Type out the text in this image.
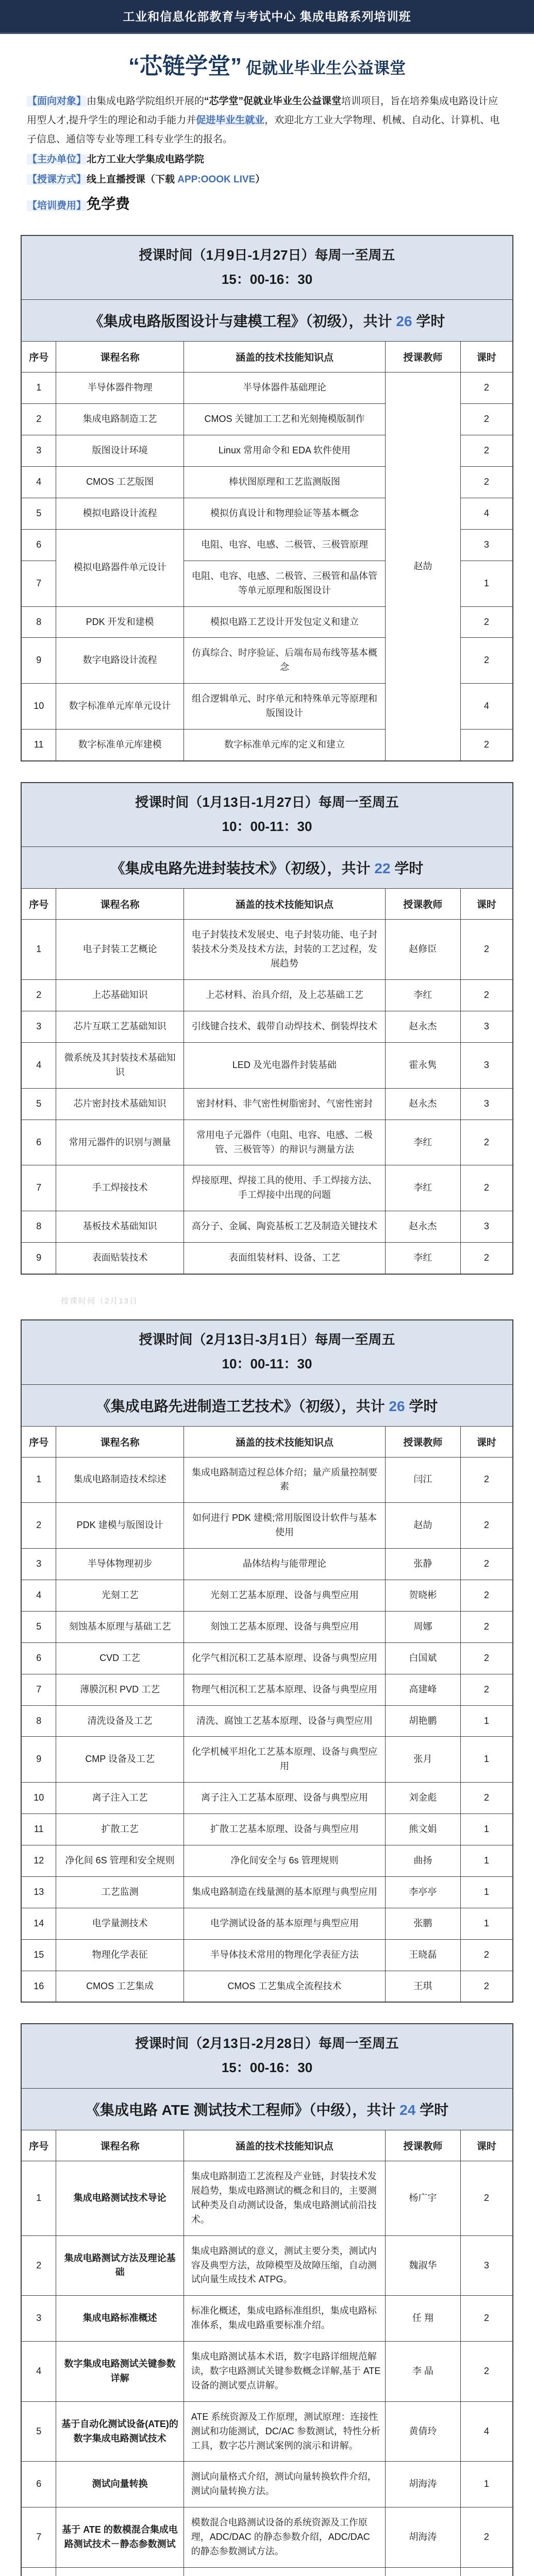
工业和信息化部教育与考试中心 集成电路系列培训班
“芯链学堂” 促就业毕业生公益课堂

【面向对象】由集成电路学院组织开展的“芯学堂”促就业毕业生公益课堂培训项目，旨在培养集成电路设计应用型人才,提升学生的理论和动手能力并促进毕业生就业，欢迎北方工业大学物理、机械、自动化、计算机、电子信息、通信等专业等理工科专业学生的报名。

【主办单位】北方工业大学集成电路学院

【授课方式】线上直播授课（下载 APP:OOOK LIVE）

【培训费用】免学费

授课时间（1月9日-1月27日）每周一至周五
15：00-16：30				

《集成电路版图设计与建模工程》（初级），共计 26 学时				
序号	课程名称	涵盖的技术技能知识点	授课教师	课时
1	半导体器件物理	半导体器件基础理论	赵劼	2
2	集成电路制造工艺	CMOS 关键加工工艺和光刻掩模版制作		2
3	版图设计环境	Linux 常用命令和 EDA 软件使用		2
4	CMOS 工艺版图	棒状图原理和工艺监测版图		2
5	模拟电路设计流程	模拟仿真设计和物理验证等基本概念		4
6	模拟电路器件单元设计	电阻、电容、电感、二极管、三极管原理		3
7		电阻、电容、电感、二极管、三极管和晶体管等单元原理和版图设计		1
8	PDK 开发和建模	模拟电路工艺设计开发包定义和建立		2
9	数字电路设计流程	仿真综合、时序验证、后端布局布线等基本概念		2
10	数字标准单元库单元设计	组合逻辑单元、时序单元和特殊单元等原理和版图设计		4
11	数字标准单元库建模	数字标准单元库的定义和建立		2
授课时间（1月13日-1月27日）每周一至周五
10：00-11：30				

《集成电路先进封装技术》（初级），共计 22 学时				
序号	课程名称	涵盖的技术技能知识点	授课教师	课时
1	电子封装工艺概论	电子封装技术发展史、电子封装功能、电子封装技术分类及技术方法，封装的工艺过程，发展趋势	赵修臣	2
2	上芯基础知识	上芯材料、治具介绍，及上芯基础工艺	李红	2
3	芯片互联工艺基础知识	引线键合技术、载带自动焊技术、倒装焊技术	赵永杰	3
4	微系统及其封装技术基础知识	LED 及光电器件封装基础	霍永隽	3
5	芯片密封技术基础知识	密封材料、非气密性树脂密封、气密性密封	赵永杰	3
6	常用元器件的识别与测量	常用电子元器件（电阻、电容、电感、二极管、三极管等）的辩识与测量方法	李红	2
7	手工焊接技术	焊接原理、焊接工具的使用、手工焊接方法、手工焊接中出现的问题	李红	2
8	基板技术基础知识	高分子、金属、陶瓷基板工艺及制造关键技术	赵永杰	3
9	表面贴装技术	表面组装材料、设备、工艺	李红	2
授课时间（2月13日
授课时间（2月13日-3月1日）每周一至周五
10：00-11：30				

《集成电路先进制造工艺技术》（初级），共计 26 学时				
序号	课程名称	涵盖的技术技能知识点	授课教师	课时
1	集成电路制造技术综述	集成电路制造过程总体介绍；量产质量控制要素	闫江	2
2	PDK 建模与版图设计	如何进行 PDK 建模;常用版图设计软件与基本使用	赵劼	2
3	半导体物理初步	晶体结构与能带理论	张静	2
4	光刻工艺	光刻工艺基本原理、设备与典型应用	贺晓彬	2
5	刻蚀基本原理与基础工艺	刻蚀工艺基本原理、设备与典型应用	周娜	2
6	CVD 工艺	化学气相沉积工艺基本原理、设备与典型应用	白国斌	2
7	薄膜沉积 PVD 工艺	物理气相沉积工艺基本原理、设备与典型应用	高建峰	2
8	清洗设备及工艺	清洗、腐蚀工艺基本原理、设备与典型应用	胡艳鹏	1
9	CMP 设备及工艺	化学机械平坦化工艺基本原理、设备与典型应用	张月	1
10	离子注入工艺	离子注入工艺基本原理、设备与典型应用	刘金彪	2
11	扩散工艺	扩散工艺基本原理、设备与典型应用	熊文娟	1
12	净化间 6S 管理和安全规则	净化间安全与 6s 管理规则	曲扬	1
13	工艺监测	集成电路制造在线量测的基本原理与典型应用	李亭亭	1
14	电学量测技术	电学测试设备的基本原理与典型应用	张鹏	1
15	物理化学表征	半导体技术常用的物理化学表征方法	王晓磊	2
16	CMOS 工艺集成	CMOS 工艺集成全流程技术	王琪	2
授课时间（2月13日-2月28日）每周一至周五
15：00-16：30				

《集成电路 ATE 测试技术工程师》（中级），共计 24 学时				
序号	课程名称	涵盖的技术技能知识点	授课教师	课时
1	集成电路测试技术导论	集成电路制造工艺流程及产业链，封装技术发展趋势，集成电路测试的概念和目的，主要测试种类及自动测试设备，集成电路测试前沿技术。	杨广宇	2
2	集成电路测试方法及理论基础	集成电路测试的意义，测试主要分类，测试内容及典型方法，故障模型及故障压缩，自动测试向量生成技术 ATPG。	魏淑华	3
3	集成电路标准概述	标准化概述，集成电路标准组织，集成电路标准体系，集成电路重要标准介绍。	任 翔	2
4	数字集成电路测试关键参数详解	集成电路测试基本术语，数字电路详细规范解读，数字电路测试关键参数概念详解,基于 ATE 设备的测试要点讲解。	李 晶	2
5	基于自动化测试设备(ATE)的数字集成电路测试技术	ATE 系统资源及工作原理，测试原理：连接性测试和功能测试，DC/AC 参数测试，特性分析工具，数字芯片测试案例的演示和讲解。	黄倩玲	4
6	测试向量转换	测试向量格式介绍，测试向量转换软件介绍，测试向量转换方法。	胡海涛	1
7	基于 ATE 的数模混合集成电路测试技术－静态参数测试	模数混合电路测试设备的系统资源及工作原理，ADC/DAC 的静态参数介绍，ADC/DAC 的静态参数测试方法。	胡海涛	2
